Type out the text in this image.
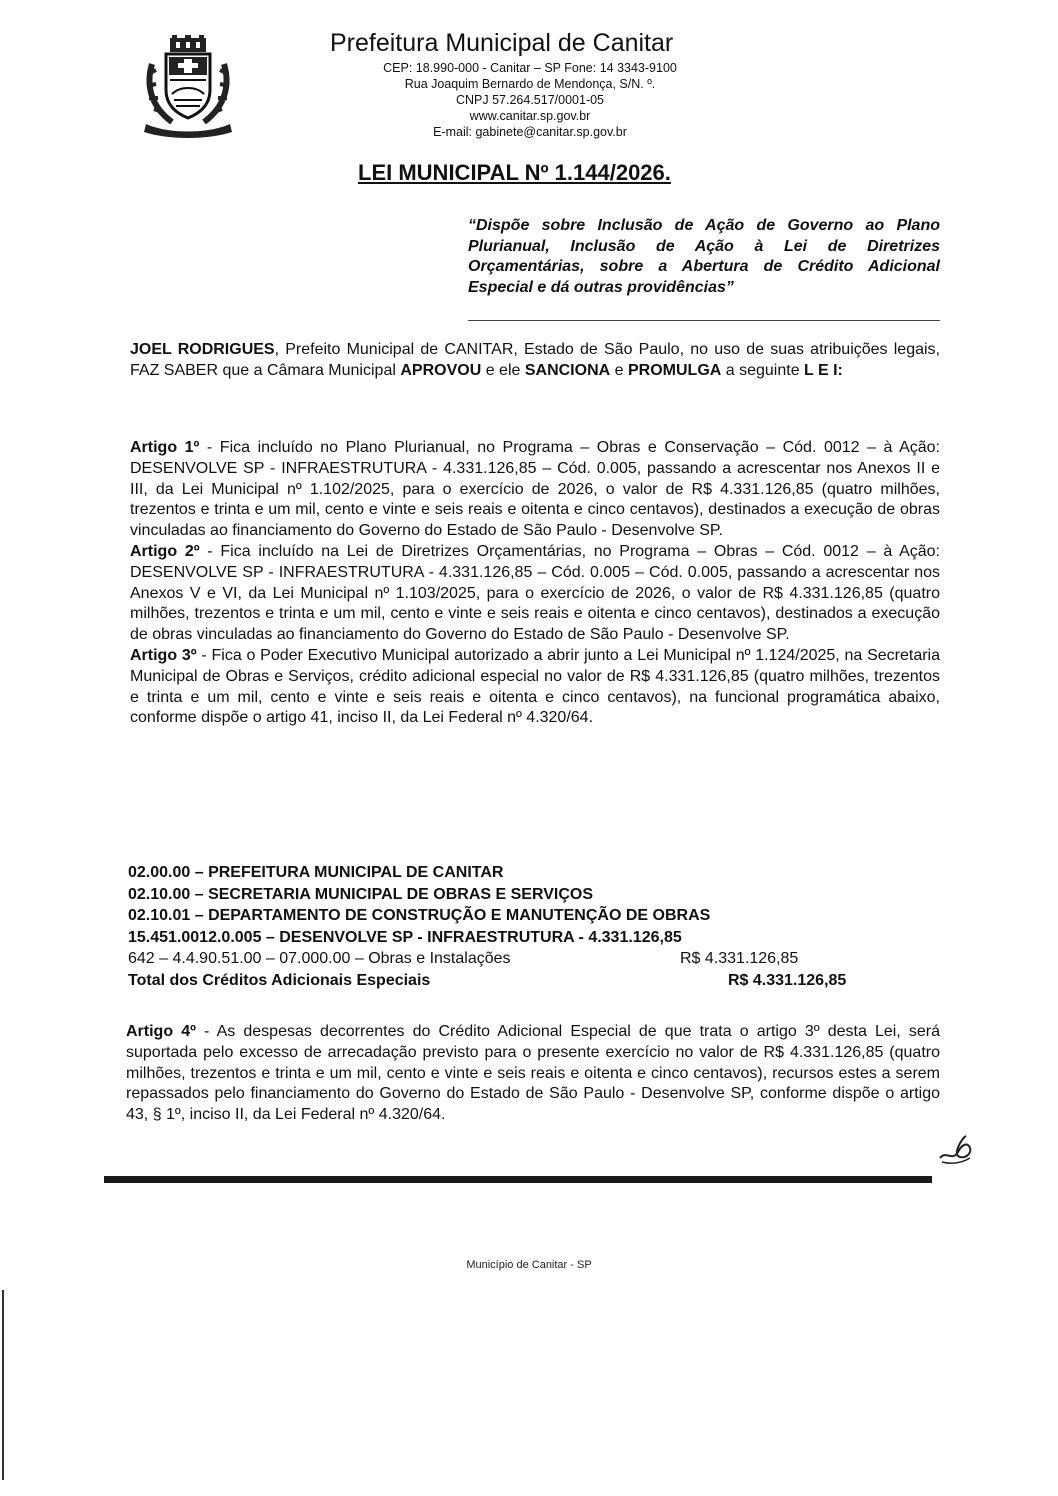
Prefeitura Municipal de Canitar
CEP: 18.990-000 - Canitar – SP Fone: 14 3343-9100
Rua Joaquim Bernardo de Mendonça, S/N. º.
CNPJ 57.264.517/0001-05
www.canitar.sp.gov.br
E-mail: gabinete@canitar.sp.gov.br
LEI MUNICIPAL Nº 1.144/2026.
“Dispõe sobre Inclusão de Ação de Governo ao Plano Plurianual, Inclusão de Ação à Lei de Diretrizes Orçamentárias, sobre a Abertura de Crédito Adicional Especial e dá outras providências”
JOEL RODRIGUES, Prefeito Municipal de CANITAR, Estado de São Paulo, no uso de suas atribuições legais, FAZ SABER que a Câmara Municipal APROVOU e ele SANCIONA e PROMULGA a seguinte L E I:

Artigo 1º - Fica incluído no Plano Plurianual, no Programa – Obras e Conservação – Cód. 0012 – à Ação: DESENVOLVE SP - INFRAESTRUTURA - 4.331.126,85 – Cód. 0.005, passando a acrescentar nos Anexos II e III, da Lei Municipal nº 1.102/2025, para o exercício de 2026, o valor de R$ 4.331.126,85 (quatro milhões, trezentos e trinta e um mil, cento e vinte e seis reais e oitenta e cinco centavos), destinados a execução de obras vinculadas ao financiamento do Governo do Estado de São Paulo - Desenvolve SP.

Artigo 2º - Fica incluído na Lei de Diretrizes Orçamentárias, no Programa – Obras – Cód. 0012 – à Ação: DESENVOLVE SP - INFRAESTRUTURA - 4.331.126,85 – Cód. 0.005 – Cód. 0.005, passando a acrescentar nos Anexos V e VI, da Lei Municipal nº 1.103/2025, para o exercício de 2026, o valor de R$ 4.331.126,85 (quatro milhões, trezentos e trinta e um mil, cento e vinte e seis reais e oitenta e cinco centavos), destinados a execução de obras vinculadas ao financiamento do Governo do Estado de São Paulo - Desenvolve SP.

Artigo 3º - Fica o Poder Executivo Municipal autorizado a abrir junto a Lei Municipal nº 1.124/2025, na Secretaria Municipal de Obras e Serviços, crédito adicional especial no valor de R$ 4.331.126,85 (quatro milhões, trezentos e trinta e um mil, cento e vinte e seis reais e oitenta e cinco centavos), na funcional programática abaixo, conforme dispõe o artigo 41, inciso II, da Lei Federal nº 4.320/64.

02.00.00 – PREFEITURA MUNICIPAL DE CANITAR
02.10.00 – SECRETARIA MUNICIPAL DE OBRAS E SERVIÇOS
02.10.01 – DEPARTAMENTO DE CONSTRUÇÃO E MANUTENÇÃO DE OBRAS
15.451.0012.0.005 – DESENVOLVE SP - INFRAESTRUTURA - 4.331.126,85
642 – 4.4.90.51.00 – 07.000.00 – Obras e Instalações	R$ 4.331.126,85
Total dos Créditos Adicionais Especiais	R$ 4.331.126,85
Artigo 4º - As despesas decorrentes do Crédito Adicional Especial de que trata o artigo 3º desta Lei, será suportada pelo excesso de arrecadação previsto para o presente exercício no valor de R$ 4.331.126,85 (quatro milhões, trezentos e trinta e um mil, cento e vinte e seis reais e oitenta e cinco centavos), recursos estes a serem repassados pelo financiamento do Governo do Estado de São Paulo - Desenvolve SP, conforme dispõe o artigo 43, § 1º, inciso II, da Lei Federal nº 4.320/64.
Município de Canitar - SP
